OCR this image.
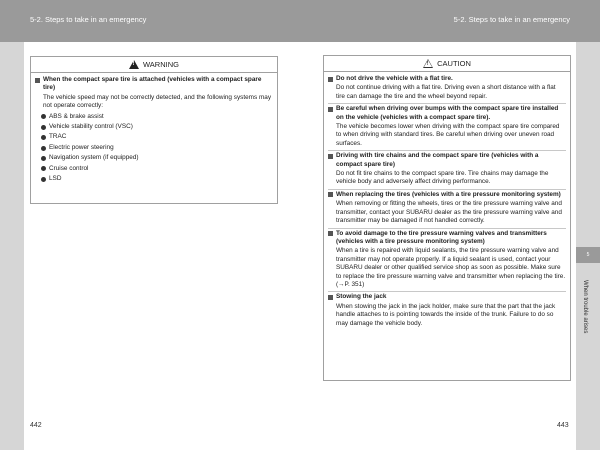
5-2. Steps to take in an emergency	5-2. Steps to take in an emergency
!
WARNING
When the compact spare tire is attached (vehicles with a compact spare tire)
The vehicle speed may not be correctly detected, and the following systems may not operate correctly:
ABS & brake assist
Vehicle stability control (VSC)
TRAC
Electric power steering
Navigation system (if equipped)
Cruise control
LSD
!
CAUTION
Do not drive the vehicle with a flat tire.
Do not continue driving with a flat tire. Driving even a short distance with a flat tire can damage the tire and the wheel beyond repair.
Be careful when driving over bumps with the compact spare tire installed on the vehicle (vehicles with a compact spare tire).
The vehicle becomes lower when driving with the compact spare tire compared to when driving with standard tires. Be careful when driving over uneven road surfaces.
Driving with tire chains and the compact spare tire (vehicles with a compact spare tire)
Do not fit tire chains to the compact spare tire. Tire chains may damage the vehicle body and adversely affect driving performance.
When replacing the tires (vehicles with a tire pressure monitoring system)
When removing or fitting the wheels, tires or the tire pressure warning valve and transmitter, contact your SUBARU dealer as the tire pressure warning valve and transmitter may be damaged if not handled correctly.
To avoid damage to the tire pressure warning valves and transmitters (vehicles with a tire pressure monitoring system)
When a tire is repaired with liquid sealants, the tire pressure warning valve and transmitter may not operate properly. If a liquid sealant is used, contact your SUBARU dealer or other qualified service shop as soon as possible. Make sure to replace the tire pressure warning valve and transmitter when replacing the tire. (→P. 351)
Stowing the jack
When stowing the jack in the jack holder, make sure that the part that the jack handle attaches to is pointing towards the inside of the trunk. Failure to do so may damage the vehicle body.
442	443
5
When trouble arises
